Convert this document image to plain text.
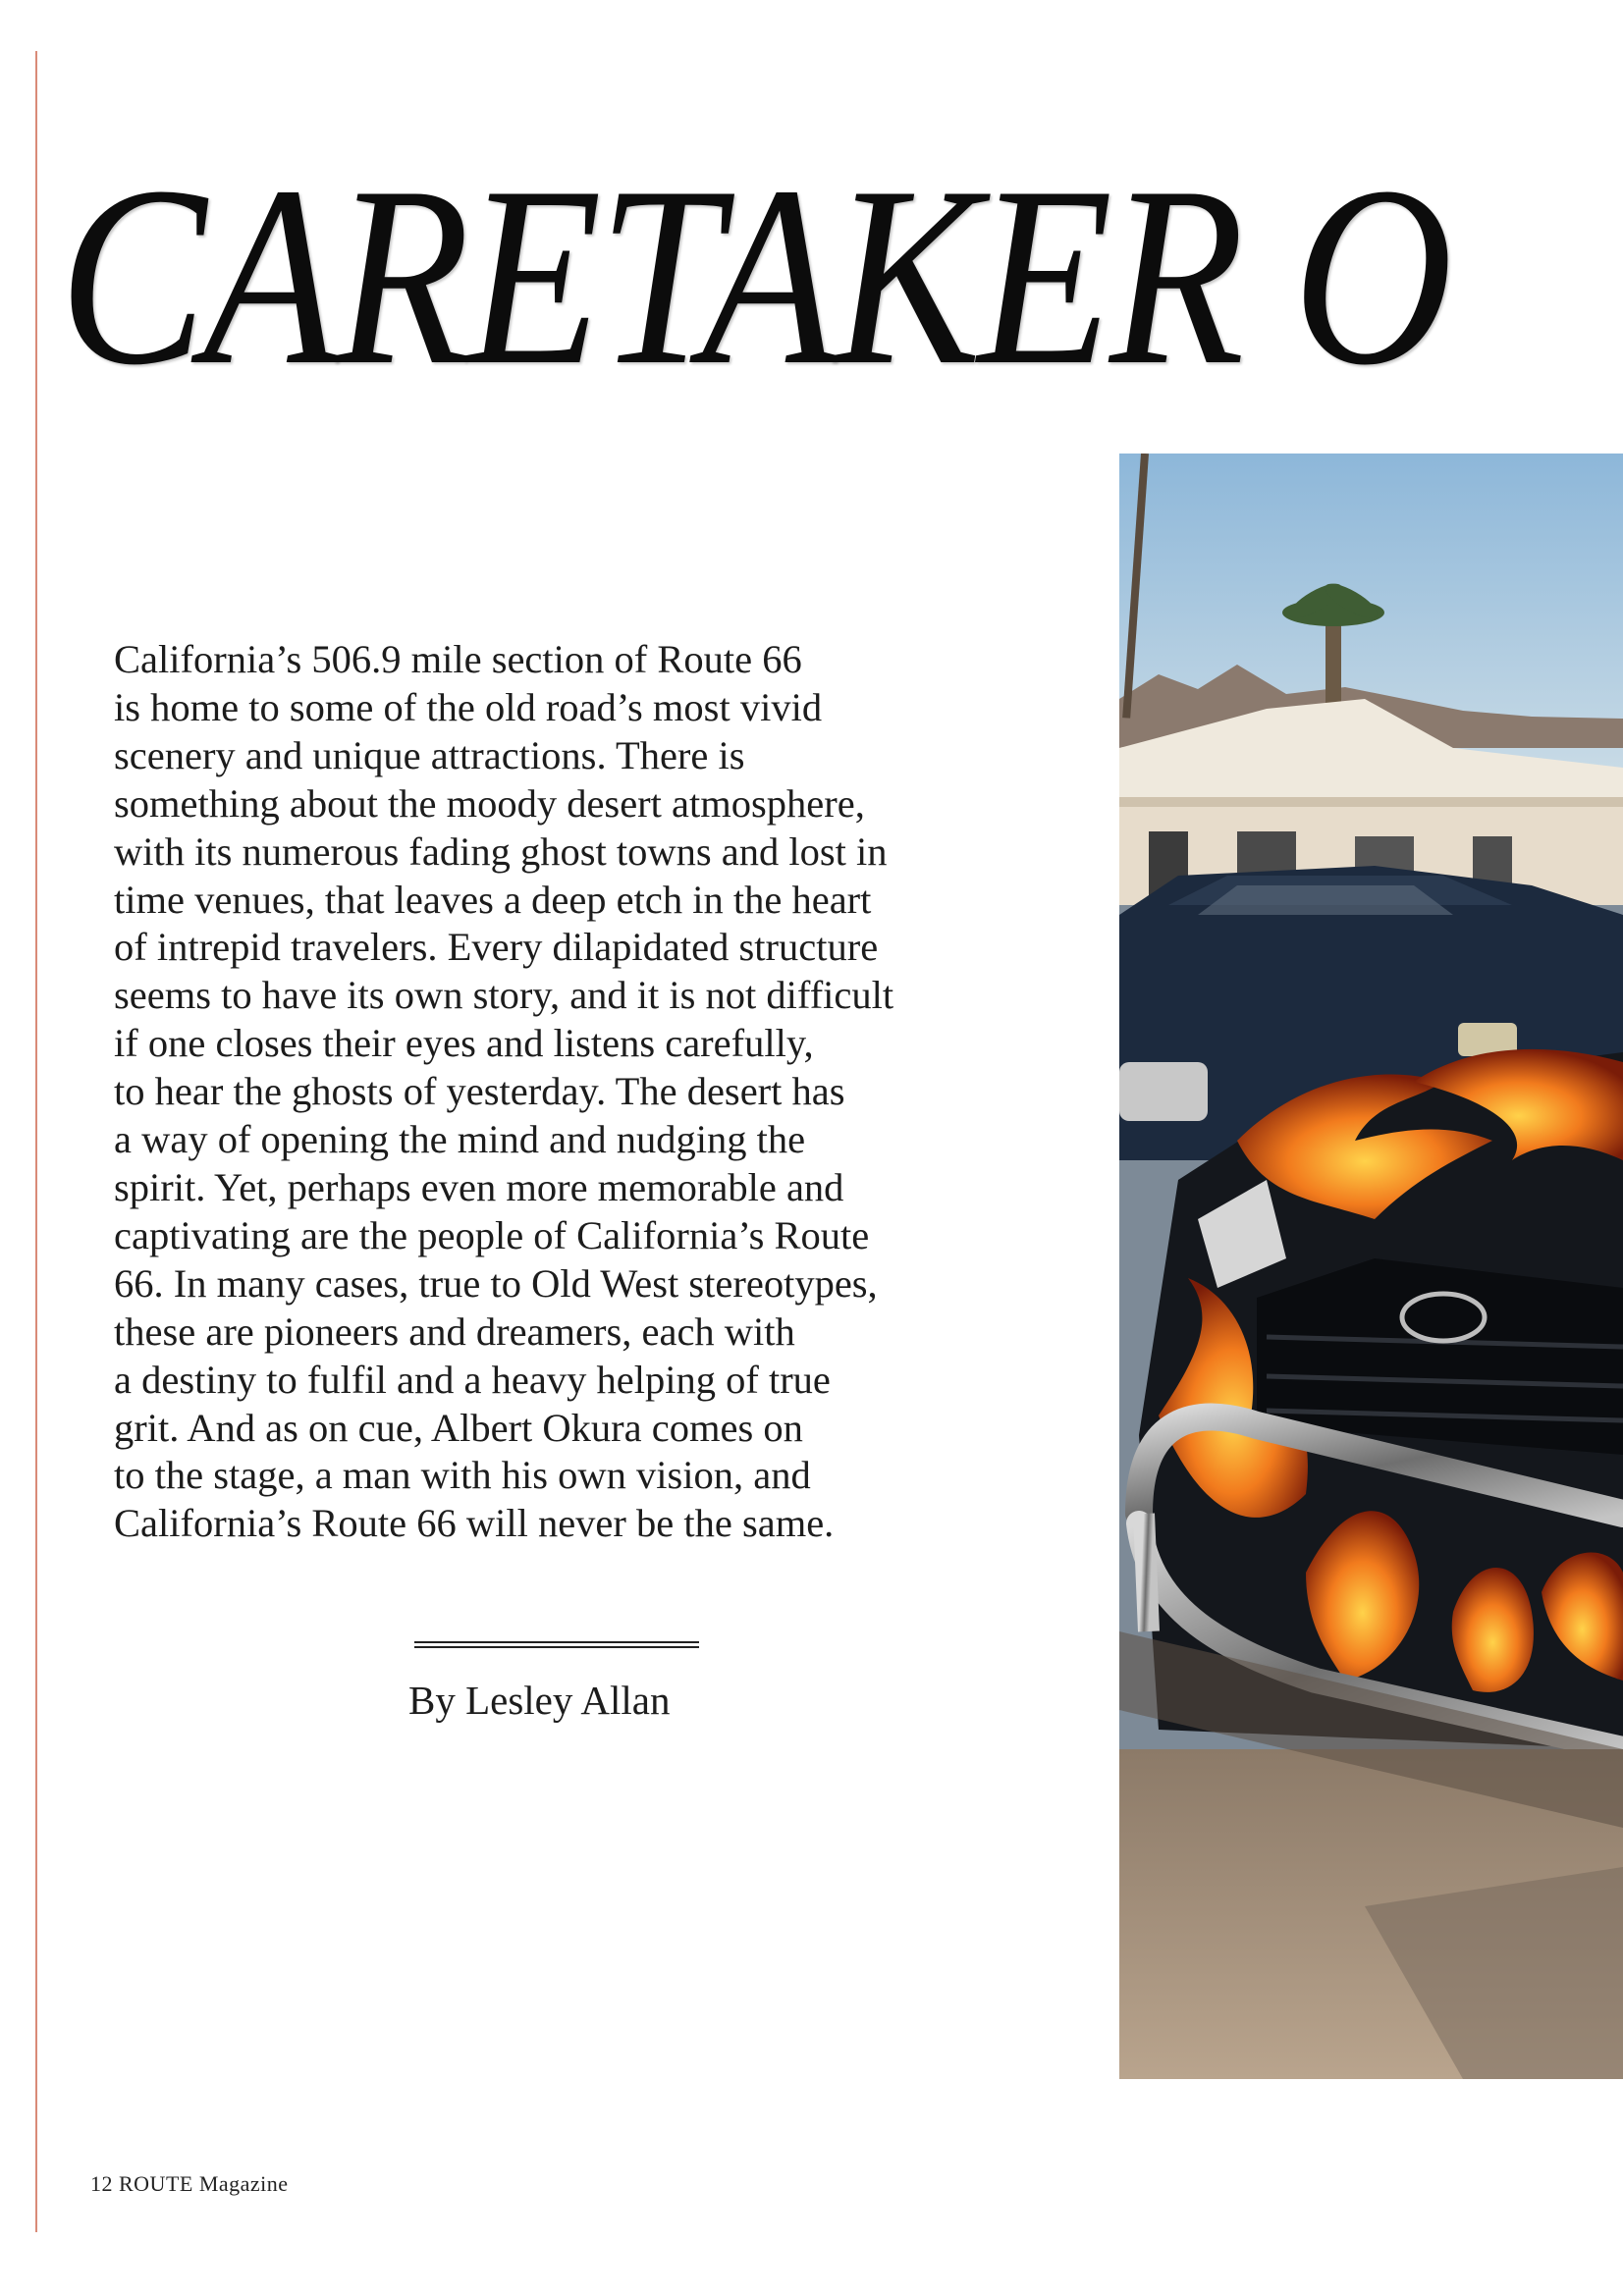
CARETAKER O

California’s 506.9 mile section of Route 66
is home to some of the old road’s most vivid
scenery and unique attractions. There is
something about the moody desert atmosphere,
with its numerous fading ghost towns and lost in
time venues, that leaves a deep etch in the heart
of intrepid travelers. Every dilapidated structure
seems to have its own story, and it is not difficult
if one closes their eyes and listens carefully,
to hear the ghosts of yesterday. The desert has
a way of opening the mind and nudging the
spirit. Yet, perhaps even more memorable and
captivating are the people of California’s Route
66. In many cases, true to Old West stereotypes,
these are pioneers and dreamers, each with
a destiny to fulfil and a heavy helping of true
grit. And as on cue, Albert Okura comes on
to the stage, a man with his own vision, and
California’s Route 66 will never be the same.

By Lesley Allan
12 ROUTE Magazine
